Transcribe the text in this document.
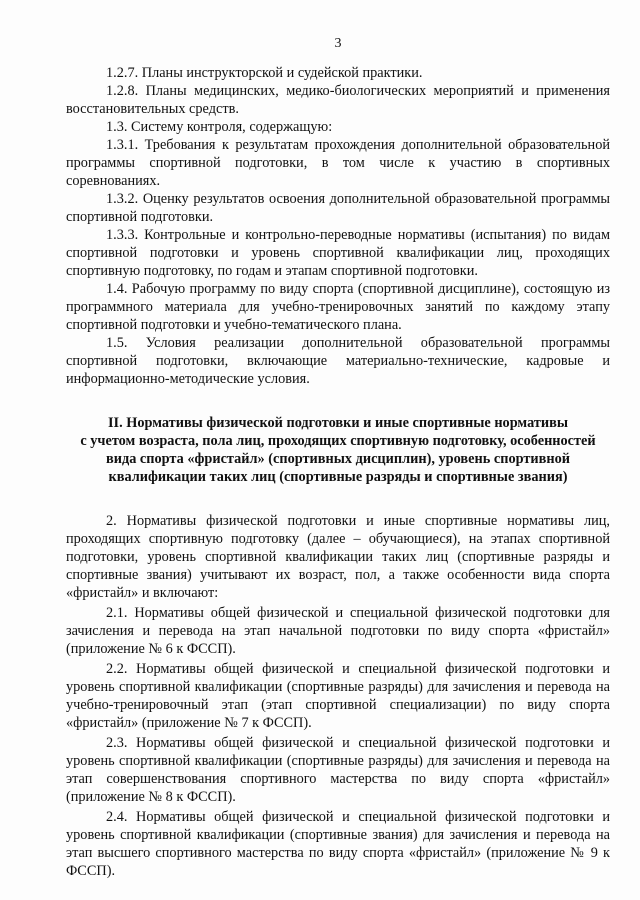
3

1.2.7. Планы инструкторской и судейской практики.

1.2.8. Планы медицинских, медико-биологических мероприятий и применения восстановительных средств.

1.3. Систему контроля, содержащую:

1.3.1. Требования к результатам прохождения дополнительной образовательной программы спортивной подготовки, в том числе к участию в спортивных соревнованиях.

1.3.2. Оценку результатов освоения дополнительной образовательной программы спортивной подготовки.

1.3.3. Контрольные и контрольно-переводные нормативы (испытания) по видам спортивной подготовки и уровень спортивной квалификации лиц, проходящих спортивную подготовку, по годам и этапам спортивной подготовки.

1.4. Рабочую программу по виду спорта (спортивной дисциплине), состоящую из программного материала для учебно-тренировочных занятий по каждому этапу спортивной подготовки и учебно-тематического плана.

1.5. Условия реализации дополнительной образовательной программы спортивной подготовки, включающие материально-технические, кадровые и информационно-методические условия.

II. Нормативы физической подготовки и иные спортивные нормативы
с учетом возраста, пола лиц, проходящих спортивную подготовку, особенностей
вида спорта «фристайл» (спортивных дисциплин), уровень спортивной
квалификации таких лиц (спортивные разряды и спортивные звания)

2. Нормативы физической подготовки и иные спортивные нормативы лиц, проходящих спортивную подготовку (далее – обучающиеся), на этапах спортивной подготовки, уровень спортивной квалификации таких лиц (спортивные разряды и спортивные звания) учитывают их возраст, пол, а также особенности вида спорта «фристайл» и включают:

2.1. Нормативы общей физической и специальной физической подготовки для зачисления и перевода на этап начальной подготовки по виду спорта «фристайл» (приложение № 6 к ФССП).

2.2. Нормативы общей физической и специальной физической подготовки и уровень спортивной квалификации (спортивные разряды) для зачисления и перевода на учебно-тренировочный этап (этап спортивной специализации) по виду спорта «фристайл» (приложение № 7 к ФССП).

2.3. Нормативы общей физической и специальной физической подготовки и уровень спортивной квалификации (спортивные разряды) для зачисления и перевода на этап совершенствования спортивного мастерства по виду спорта «фристайл» (приложение № 8 к ФССП).

2.4. Нормативы общей физической и специальной физической подготовки и уровень спортивной квалификации (спортивные звания) для зачисления и перевода на этап высшего спортивного мастерства по виду спорта «фристайл» (приложение № 9 к ФССП).
